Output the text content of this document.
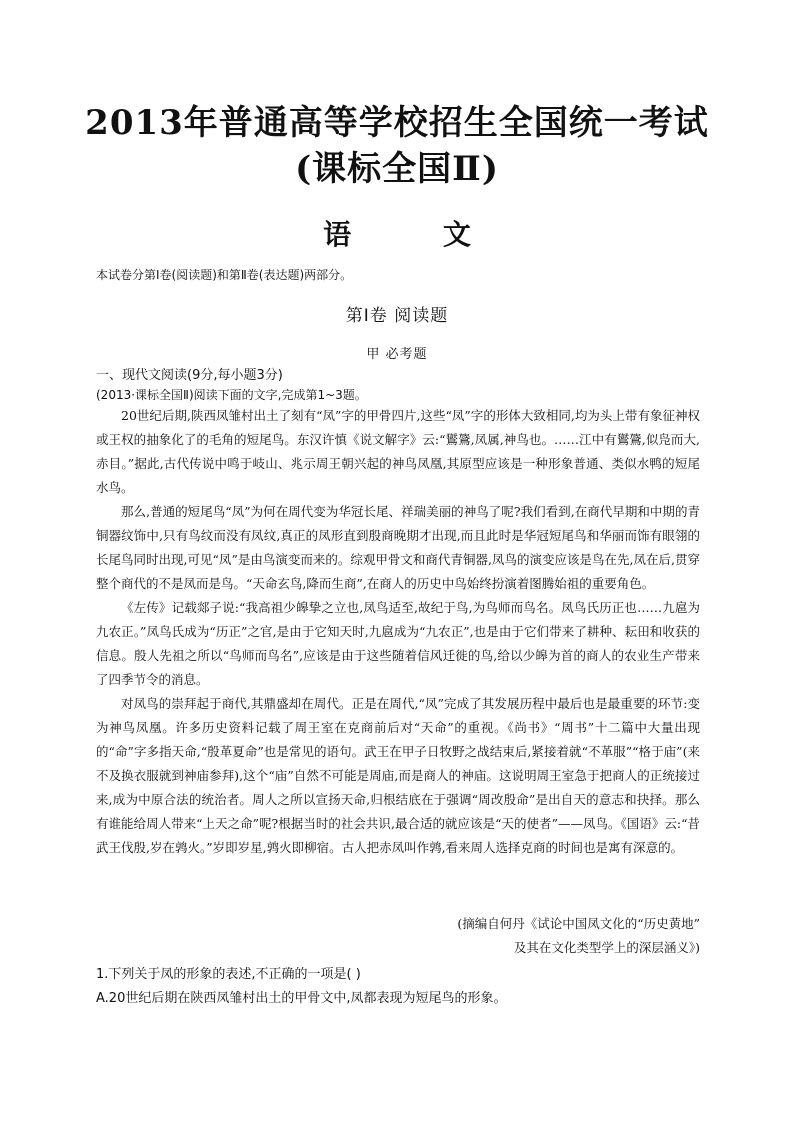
2013年普通高等学校招生全国统一考试
(课标全国Ⅱ)
语 文
本试卷分第Ⅰ卷(阅读题)和第Ⅱ卷(表达题)两部分。
第Ⅰ卷 阅读题
甲 必考题
一、现代文阅读(9分,每小题3分)
(2013·课标全国Ⅱ)阅读下面的文字,完成第1~3题。

20世纪后期,陕西凤雏村出土了刻有“凤”字的甲骨四片,这些“凤”字的形体大致相同,均为头上带有象征神权或王权的抽象化了的毛角的短尾鸟。东汉许慎《说文解字》云:“鸑鷟,凤属,神鸟也。……江中有鸑鷟,似凫而大,赤目。”据此,古代传说中鸣于岐山、兆示周王朝兴起的神鸟凤凰,其原型应该是一种形象普通、类似水鸭的短尾水鸟。

那么,普通的短尾鸟“凤”为何在周代变为华冠长尾、祥瑞美丽的神鸟了呢?我们看到,在商代早期和中期的青铜器纹饰中,只有鸟纹而没有凤纹,真正的凤形直到殷商晚期才出现,而且此时是华冠短尾鸟和华丽而饰有眼翎的长尾鸟同时出现,可见“凤”是由鸟演变而来的。综观甲骨文和商代青铜器,凤鸟的演变应该是鸟在先,凤在后,贯穿整个商代的不是凤而是鸟。“天命玄鸟,降而生商”,在商人的历史中鸟始终扮演着图腾始祖的重要角色。

《左传》记载郯子说:“我高祖少皞挚之立也,凤鸟适至,故纪于鸟,为鸟师而鸟名。凤鸟氏历正也……九扈为九农正。”凤鸟氏成为“历正”之官,是由于它知天时,九扈成为“九农正”,也是由于它们带来了耕种、耘田和收获的信息。殷人先祖之所以“鸟师而鸟名”,应该是由于这些随着信风迁徙的鸟,给以少皞为首的商人的农业生产带来了四季节令的消息。

对凤鸟的崇拜起于商代,其鼎盛却在周代。正是在周代,“凤”完成了其发展历程中最后也是最重要的环节:变为神鸟凤凰。许多历史资料记载了周王室在克商前后对“天命”的重视。《尚书》“周书”十二篇中大量出现的“命”字多指天命,“殷革夏命”也是常见的语句。武王在甲子日牧野之战结束后,紧接着就“不革服”“格于庙”(来不及换衣服就到神庙参拜),这个“庙”自然不可能是周庙,而是商人的神庙。这说明周王室急于把商人的正统接过来,成为中原合法的统治者。周人之所以宣扬天命,归根结底在于强调“周改殷命”是出自天的意志和抉择。那么有谁能给周人带来“上天之命”呢?根据当时的社会共识,最合适的就应该是“天的使者”——凤鸟。《国语》云:“昔武王伐殷,岁在鹑火。”岁即岁星,鹑火即柳宿。古人把赤凤叫作鹑,看来周人选择克商的时间也是寓有深意的。

(摘编自何丹《试论中国凤文化的“历史黄地”
及其在文化类型学上的深层涵义》)
1.下列关于凤的形象的表述,不正确的一项是( )
A.20世纪后期在陕西凤雏村出土的甲骨文中,凤都表现为短尾鸟的形象。
